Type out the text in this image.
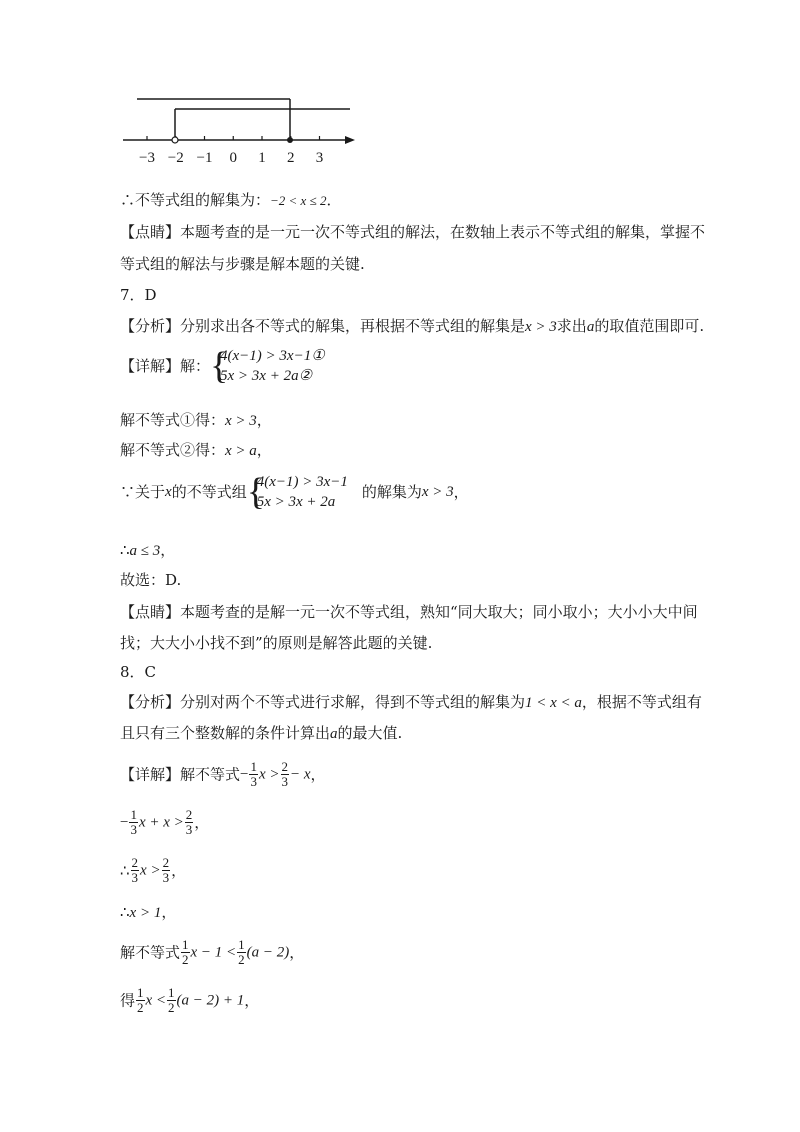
−3 −2 −1 0 1 2 3
∴不等式组的解集为：−2 < x ≤ 2．
【点睛】本题考查的是一元一次不等式组的解法，在数轴上表示不等式组的解集，掌握不
等式组的解法与步骤是解本题的关键.
7．D
【分析】分别求出各不等式的解集，再根据不等式组的解集是x > 3求出a的取值范围即可.
【详解】解： {
4(x−1) > 3x−1①
5x > 3x + 2a②
解不等式①得：x > 3，
解不等式②得：x > a，
∵关于x的不等式组 {
4(x−1) > 3x−1
5x > 3x + 2a
的解集为x > 3，
∴a ≤ 3，
故选：D.
【点睛】本题考查的是解一元一次不等式组，熟知“同大取大；同小取小；大小小大中间
找；大大小小找不到”的原则是解答此题的关键.
8．C
【分析】分别对两个不等式进行求解，得到不等式组的解集为1 < x < a，根据不等式组有
且只有三个整数解的条件计算出a的最大值.
【详解】解不等式− $\frac{1}{3}$ $x > \frac{2}{3} - x$，
− $\frac{1}{3}$ $x + x > \frac{2}{3}$ ，
∴ $\frac{2}{3}$ $x > \frac{2}{3}$ ，
∴x > 1，
解不等式 $\frac{1}{2}$ $x - 1 < \frac{1}{2} (a - 2)$，
得 $\frac{1}{2}$ $x < \frac{1}{2} (a - 2) + 1$，
